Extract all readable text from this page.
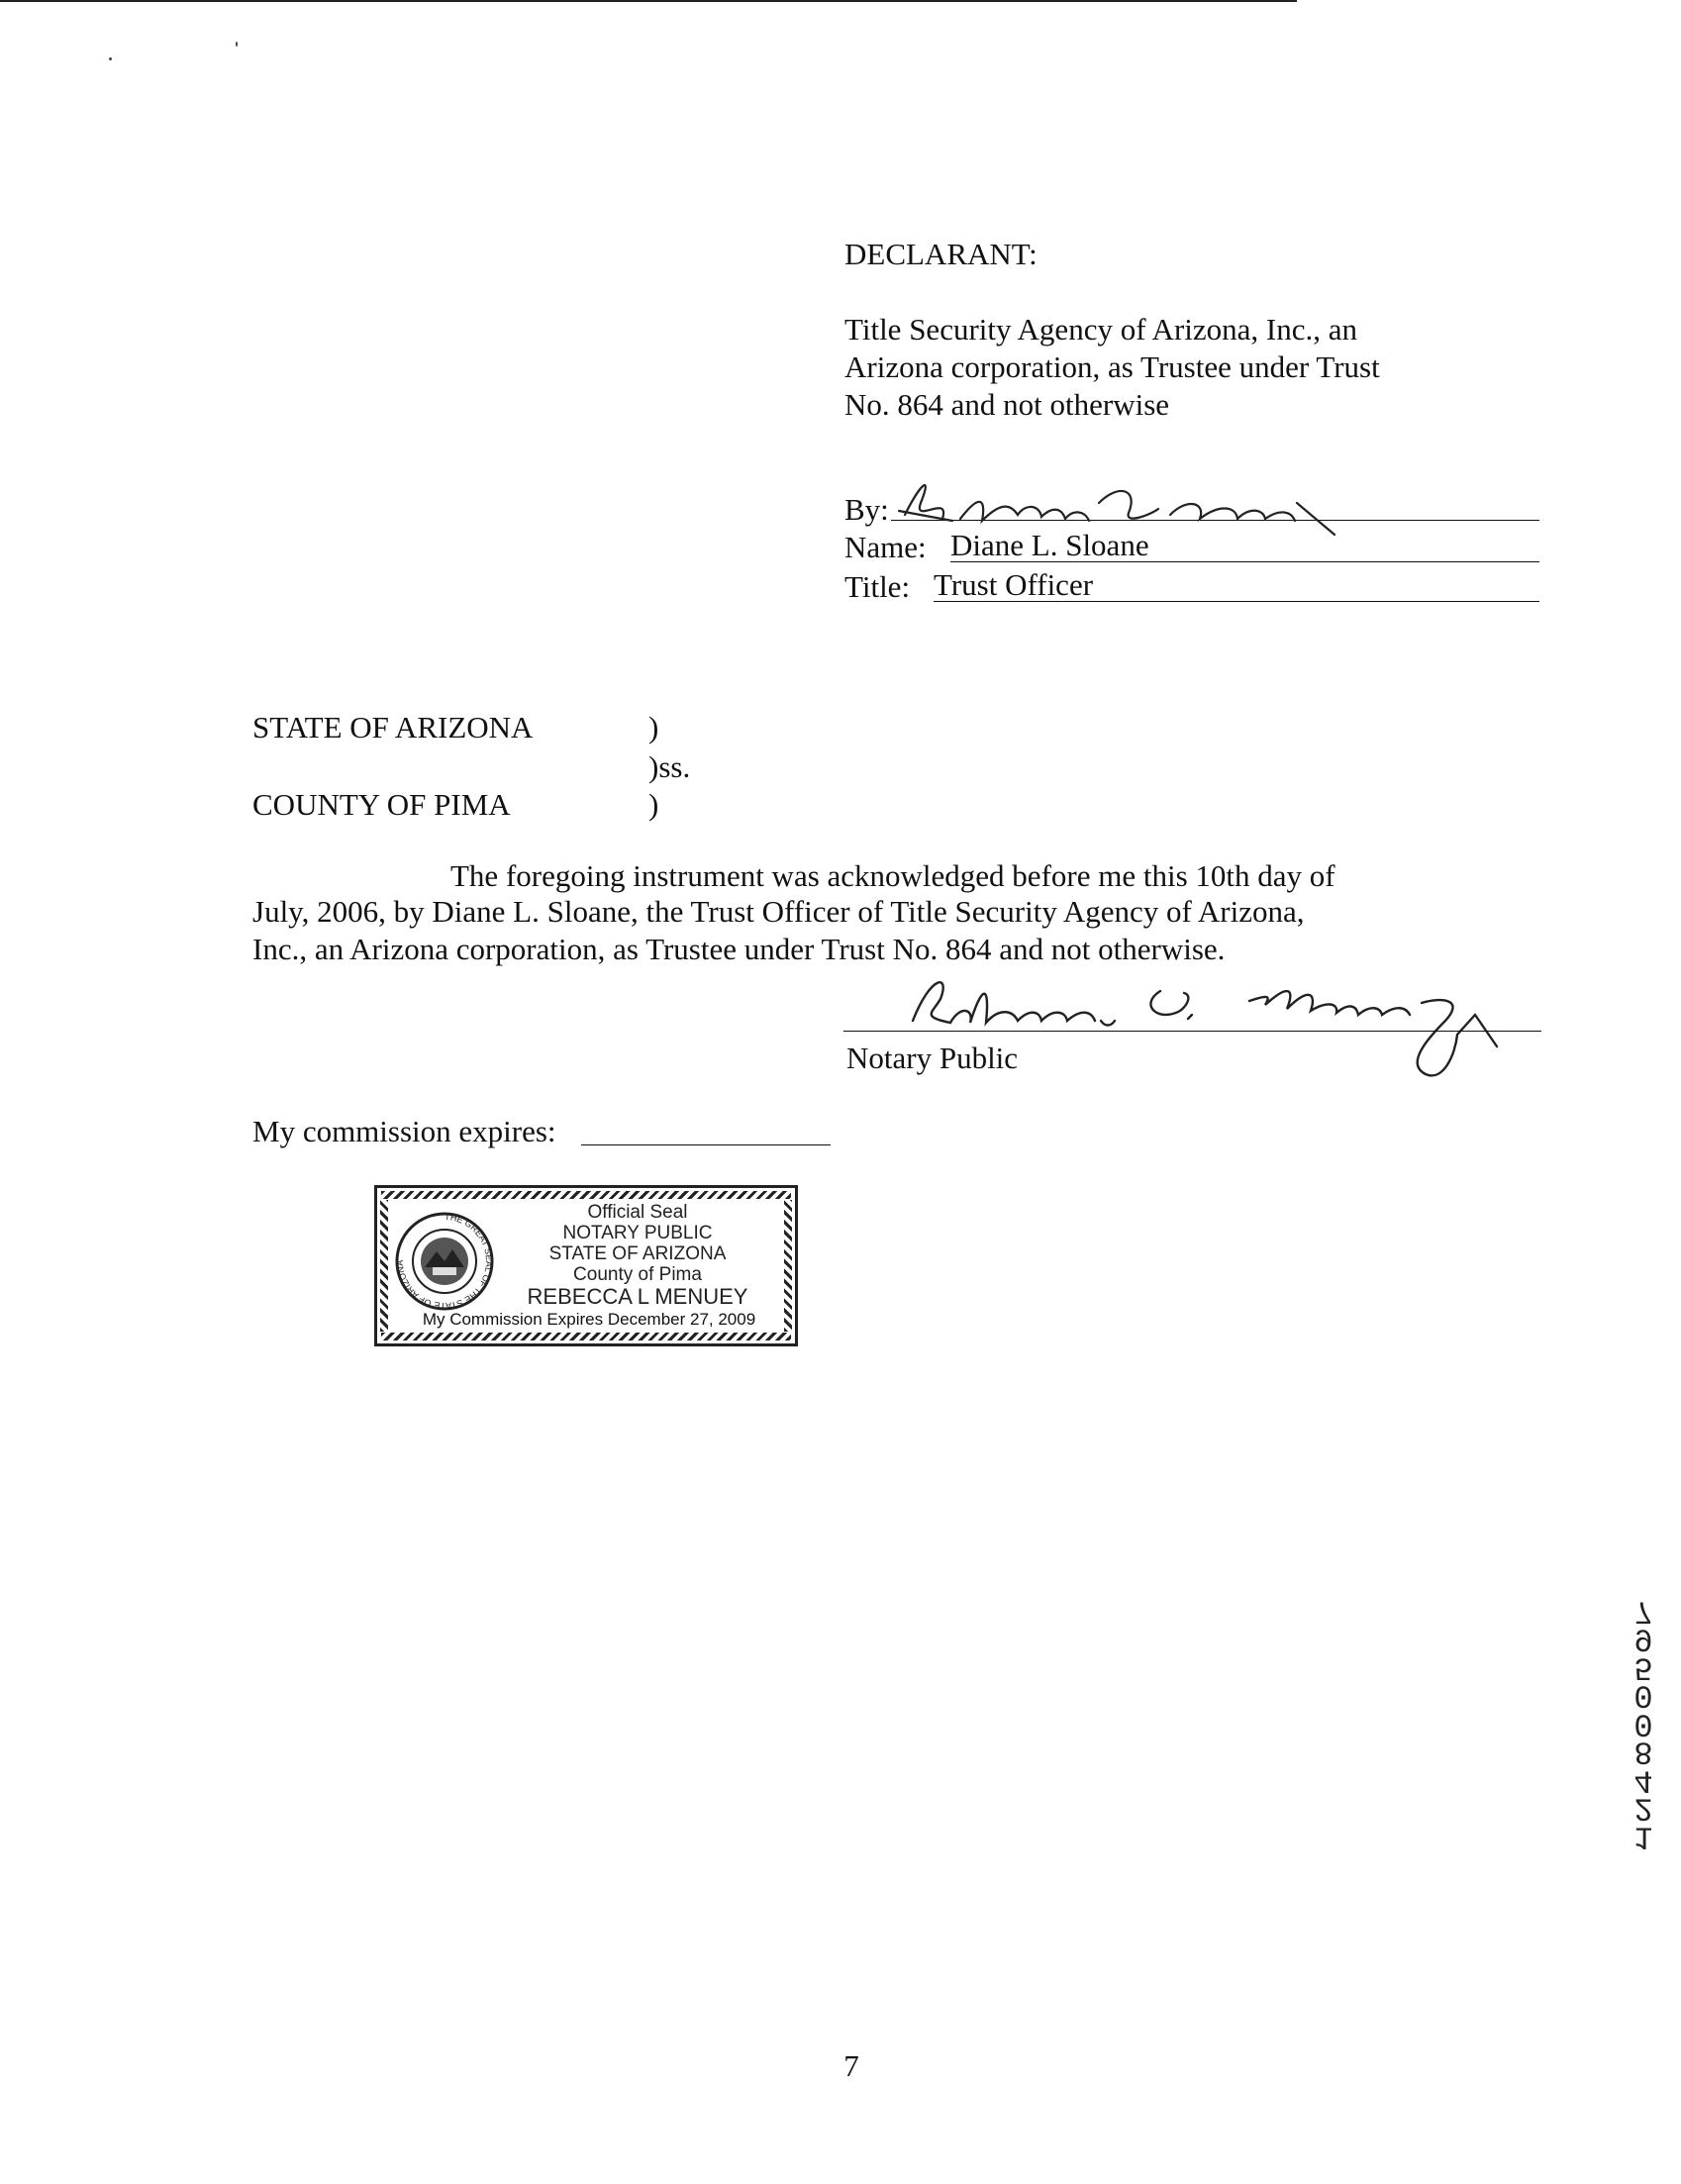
DECLARANT:
Title Security Agency of Arizona, Inc., an
Arizona corporation, as Trustee under Trust
No. 864 and not otherwise
By:
Name: Diane L. Sloane
Title: Trust Officer
STATE OF ARIZONA	)
)ss.
COUNTY OF PIMA	)
The foregoing instrument was acknowledged before me this 10th day of
July, 2006, by Diane L. Sloane, the Trust Officer of Title Security Agency of Arizona,
Inc., an Arizona corporation, as Trustee under Trust No. 864 and not otherwise.
Notary Public
My commission expires:
THE GREAT SEAL OF THE STATE OF ARIZONA
Official Seal
NOTARY PUBLIC
STATE OF ARIZONA
County of Pima
REBECCA L MENUEY
My Commission Expires December 27, 2009
1
2
4
8
0
0
5
9
7
7
